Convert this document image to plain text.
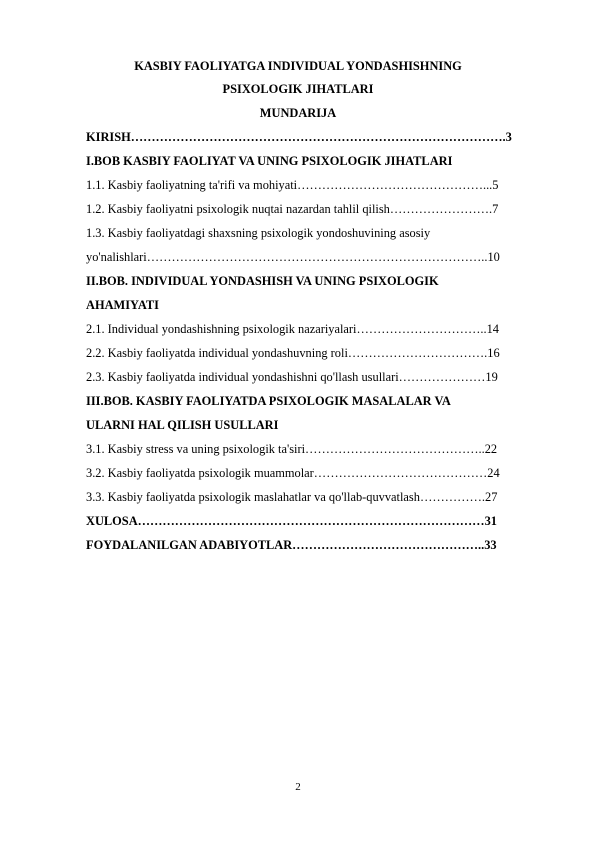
KASBIY FAOLIYATGA INDIVIDUAL YONDASHISHNING
PSIXOLOGIK JIHATLARI
MUNDARIJA
KIRISH……………………………………………………………………………….3
I.BOB KASBIY FAOLIYAT VA UNING PSIXOLOGIK JIHATLARI
1.1. Kasbiy faoliyatning ta'rifi va mohiyati………………………………………...5
1.2. Kasbiy faoliyatni psixologik nuqtai nazardan tahlil qilish…………………….7
1.3. Kasbiy faoliyatdagi shaxsning psixologik yondoshuvining asosiy
yo'nalishlari………………………………………………………………………..10
II.BOB. INDIVIDUAL YONDASHISH VA UNING PSIXOLOGIK
AHAMIYATI
2.1. Individual yondashishning psixologik nazariyalari…………………………..14
2.2. Kasbiy faoliyatda individual yondashuvning roli…………………………….16
2.3. Kasbiy faoliyatda individual yondashishni qo'llash usullari…………………19
III.BOB. KASBIY FAOLIYATDA PSIXOLOGIK MASALALAR VA
ULARNI HAL QILISH USULLARI
3.1. Kasbiy stress va uning psixologik ta'siri……………………………………..22
3.2. Kasbiy faoliyatda psixologik muammolar……………………………………24
3.3. Kasbiy faoliyatda psixologik maslahatlar va qo'llab-quvvatlash…………….27
XULOSA…………………………………………………………………………31
FOYDALANILGAN ADABIYOTLAR………………………………………..33
2
